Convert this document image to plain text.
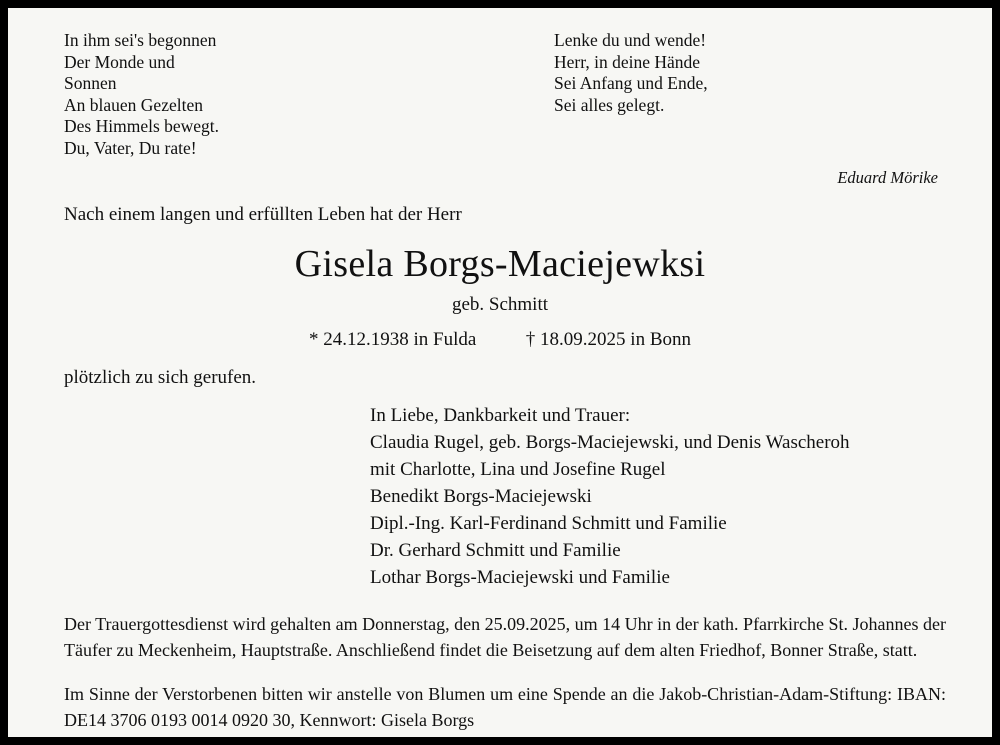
In ihm sei's begonnen
Der Monde und
Sonnen
An blauen Gezelten
Des Himmels bewegt.
Du, Vater, Du rate!
Lenke du und wende!
Herr, in deine Hände
Sei Anfang und Ende,
Sei alles gelegt.
Eduard Mörike
Nach einem langen und erfüllten Leben hat der Herr
Gisela Borgs-Maciejewksi
geb. Schmitt
* 24.12.1938 in Fulda	† 18.09.2025 in Bonn
plötzlich zu sich gerufen.
In Liebe, Dankbarkeit und Trauer:
Claudia Rugel, geb. Borgs-Maciejewski, und Denis Wascheroh
mit Charlotte, Lina und Josefine Rugel
Benedikt Borgs-Maciejewski
Dipl.-Ing. Karl-Ferdinand Schmitt und Familie
Dr. Gerhard Schmitt und Familie
Lothar Borgs-Maciejewski und Familie
Der Trauergottesdienst wird gehalten am Donnerstag, den 25.09.2025, um 14 Uhr in der kath. Pfarrkirche St. Johannes der Täufer zu Meckenheim, Hauptstraße. Anschließend findet die Beisetzung auf dem alten Friedhof, Bonner Straße, statt.
Im Sinne der Verstorbenen bitten wir anstelle von Blumen um eine Spende an die Jakob-Christian-Adam-Stiftung: IBAN: DE14 3706 0193 0014 0920 30, Kennwort: Gisela Borgs
